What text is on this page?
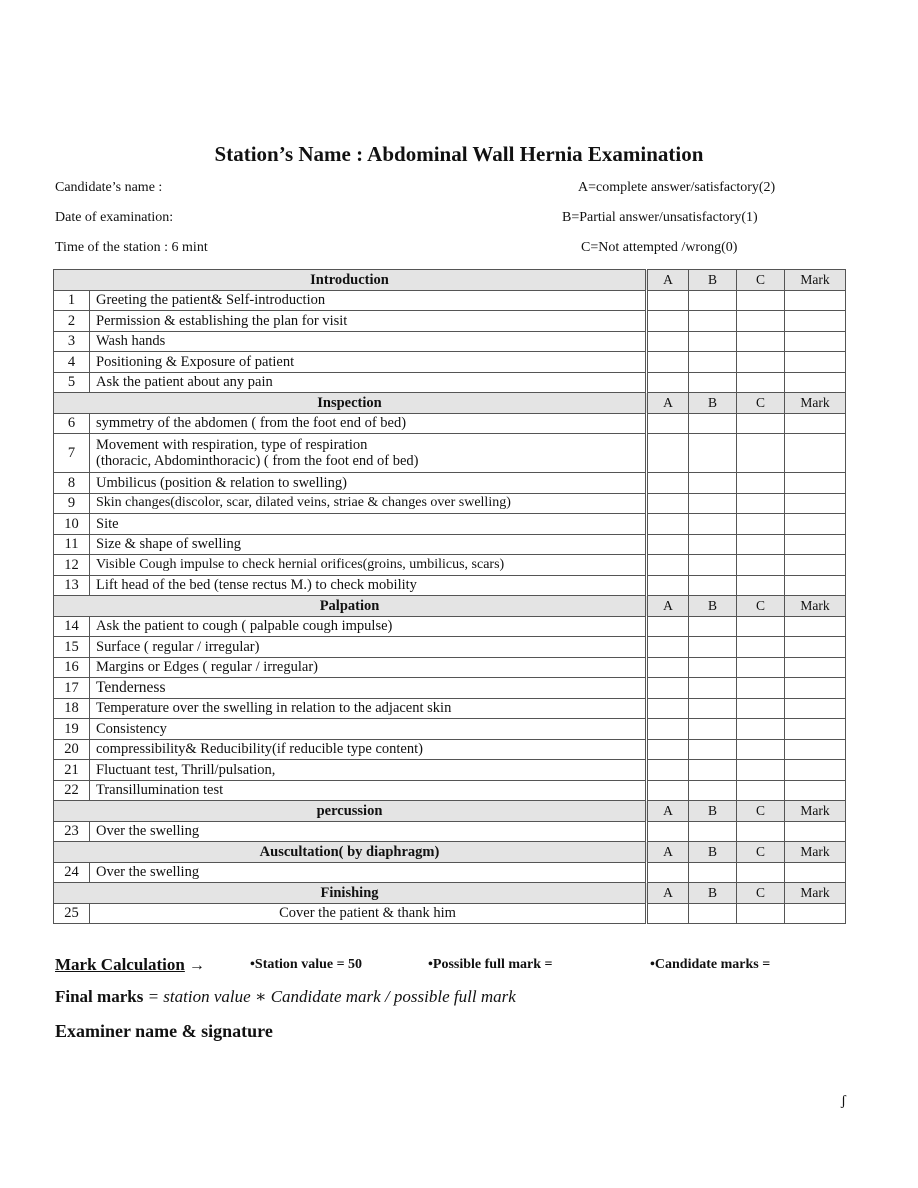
Station’s Name : Abdominal Wall Hernia Examination
Candidate’s name :
Date of examination:
Time of the station : 6 mint
A=complete answer/satisfactory(2)
B=Partial answer/unsatisfactory(1)
C=Not attempted /wrong(0)
Introduction		A	B	C	Mark
1	Greeting the patient& Self-introduction				
2	Permission & establishing the plan for visit				
3	Wash hands				
4	Positioning & Exposure of patient				
5	Ask the patient about any pain				
Inspection		A	B	C	Mark
6	symmetry of the abdomen ( from the foot end of bed)				
7	Movement with respiration, type of respiration
(thoracic, Abdominthoracic) ( from the foot end of bed)				

8	Umbilicus (position & relation to swelling)				
9	Skin changes(discolor, scar, dilated veins, striae & changes over swelling)				
10	Site				
11	Size & shape of swelling				
12	Visible Cough impulse to check hernial orifices(groins, umbilicus, scars)				
13	Lift head of the bed (tense rectus M.) to check mobility				
Palpation		A	B	C	Mark
14	Ask the patient to cough ( palpable cough impulse)				
15	Surface ( regular / irregular)				
16	Margins or Edges ( regular / irregular)				
17	Tenderness				
18	Temperature over the swelling in relation to the adjacent skin				
19	Consistency				
20	compressibility& Reducibility(if reducible type content)				
21	Fluctuant test, Thrill/pulsation,				
22	Transillumination test				
percussion		A	B	C	Mark
23	Over the swelling				
Auscultation( by diaphragm)		A	B	C	Mark
24	Over the swelling				
Finishing		A	B	C	Mark
25	Cover the patient & thank him				
Mark Calculation →	•Station value = 50	•Possible full mark =	•Candidate marks =
Final marks = station value ∗ Candidate mark / possible full mark
Examiner name & signature
ʃ
